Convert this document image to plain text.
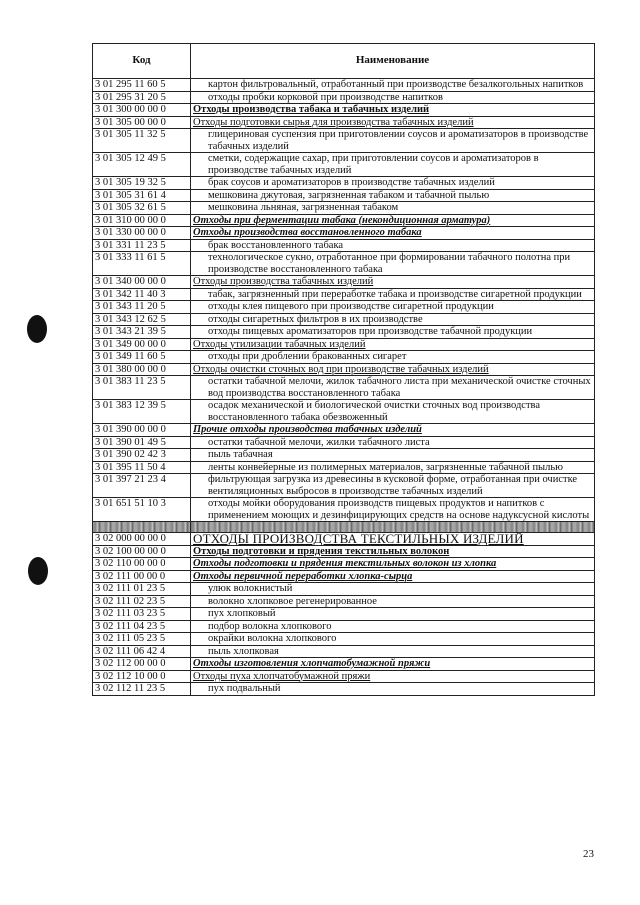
Код	Наименование
3 01 295 11 60 5	картон фильтровальный, отработанный при производстве безалкогольных напитков
3 01 295 31 20 5	отходы пробки корковой при производстве напитков
3 01 300 00 00 0	Отходы производства табака и табачных изделий
3 01 305 00 00 0	Отходы подготовки сырья для производства табачных изделий
3 01 305 11 32 5	глицериновая суспензия при приготовлении соусов и ароматизаторов в производстве табачных изделий
3 01 305 12 49 5	сметки, содержащие сахар, при приготовлении соусов и ароматизаторов в производстве табачных изделий
3 01 305 19 32 5	брак соусов и ароматизаторов в производстве табачных изделий
3 01 305 31 61 4	мешковина джутовая, загрязненная табаком и табачной пылью
3 01 305 32 61 5	мешковина льняная, загрязненная табаком
3 01 310 00 00 0	Отходы при ферментации табака (некондиционная арматура)
3 01 330 00 00 0	Отходы производства восстановленного табака
3 01 331 11 23 5	брак восстановленного табака
3 01 333 11 61 5	технологическое сукно, отработанное при формировании табачного полотна при производстве восстановленного табака
3 01 340 00 00 0	Отходы производства табачных изделий
3 01 342 11 40 3	табак, загрязненный при переработке табака и производстве сигаретной продукции
3 01 343 11 20 5	отходы клея пищевого при производстве сигаретной продукции
3 01 343 12 62 5	отходы сигаретных фильтров в их производстве
3 01 343 21 39 5	отходы пищевых ароматизаторов при производстве табачной продукции
3 01 349 00 00 0	Отходы утилизации табачных изделий
3 01 349 11 60 5	отходы при дроблении бракованных сигарет
3 01 380 00 00 0	Отходы очистки сточных вод при производстве табачных изделий
3 01 383 11 23 5	остатки табачной мелочи, жилок табачного листа при механической очистке сточных вод производства восстановленного табака
3 01 383 12 39 5	осадок механической и биологической очистки сточных вод производства восстановленного табака обезвоженный
3 01 390 00 00 0	Прочие отходы производства табачных изделий
3 01 390 01 49 5	остатки табачной мелочи, жилки табачного листа
3 01 390 02 42 3	пыль табачная
3 01 395 11 50 4	ленты конвейерные из полимерных материалов, загрязненные табачной пылью
3 01 397 21 23 4	фильтрующая загрузка из древесины в кусковой форме, отработанная при очистке вентиляционных выбросов в производстве табачных изделий
3 01 651 51 10 3	отходы мойки оборудования производств пищевых продуктов и напитков с применением моющих и дезинфицирующих средств на основе надуксусной кислоты

3 02 000 00 00 0	ОТХОДЫ ПРОИЗВОДСТВА ТЕКСТИЛЬНЫХ ИЗДЕЛИЙ
3 02 100 00 00 0	Отходы подготовки и прядения текстильных волокон
3 02 110 00 00 0	Отходы подготовки и прядения текстильных волокон из хлопка
3 02 111 00 00 0	Отходы первичной переработки хлопка-сырца
3 02 111 01 23 5	улюк волокнистый
3 02 111 02 23 5	волокно хлопковое регенерированное
3 02 111 03 23 5	пух хлопковый
3 02 111 04 23 5	подбор волокна хлопкового
3 02 111 05 23 5	окрайки волокна хлопкового
3 02 111 06 42 4	пыль хлопковая
3 02 112 00 00 0	Отходы изготовления хлопчатобумажной пряжи
3 02 112 10 00 0	Отходы пуха хлопчатобумажной пряжи
3 02 112 11 23 5	пух подвальный
23
